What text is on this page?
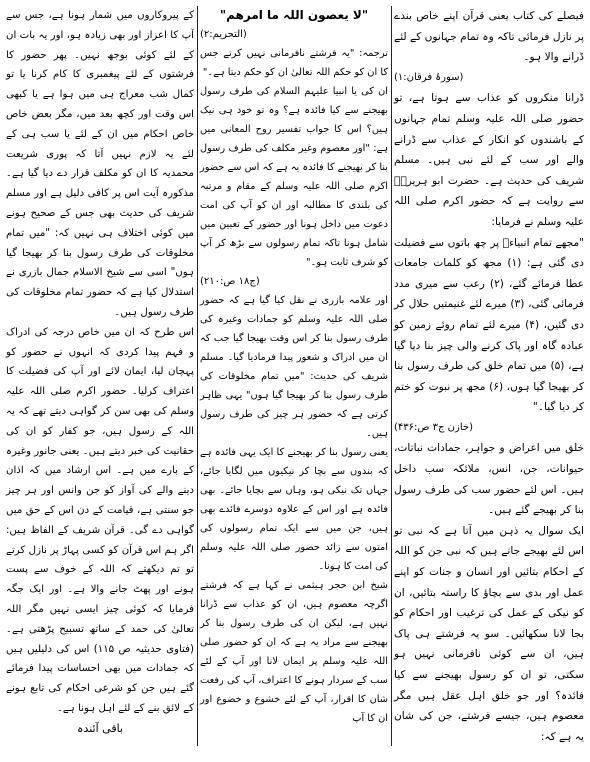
فیصلے کی کتاب یعنی قرآن اپنے خاص بندے پر نازل فرمائی تاکہ وہ تمام جہانوں کے لئے ڈرانے والا ہو۔

(سورۂ فرقان:۱)

ڈرانا منکروں کو عذاب سے ہوتا ہے، تو حضور صلی اللہ علیہ وسلم تمام جہانوں کے باشندوں کو انکار کے عذاب سے ڈرانے والے اور سب کے لئے نبی ہیں۔ مسلم شریف کی حدیث ہے۔ حضرت ابو ہریرہؓ سے روایت ہے کہ حضور اکرم صلی اللہ علیہ وسلم نے فرمایا:

"مجھے تمام انبیاءؑ پر چھ باتوں سے فضیلت دی گئی ہے: (۱) مجھ کو کلمات جامعات عطا فرمائے گئے، (۲) رعب سے میری مدد فرمائی گئی، (۳) میرے لئے غنیمتیں حلال کر دی گئیں، (۴) میرے لئے تمام روئے زمین کو عبادہ گاہ اور پاک کرنے والی چیز بنا دیا گیا ہے، (۵) میں تمام خلق کی طرف رسول بنا کر بھیجا گیا ہوں، (۶) مجھ پر نبوت کو ختم کر دیا گیا۔"

(خازن ج۳ ص:۴۳۶)

خلق میں اعراض و جواہر، جمادات نباتات، حیوانات، جن، انس، ملائکہ سب داخل ہیں۔ اس لئے حضور سب کی طرف رسول بنا کر بھیجے گئے ہیں۔

ایک سوال یہ ذہن میں آتا ہے کہ نبی تو اس لئے بھیجے جاتے ہیں کہ نبی جن کو اللہ کے احکام بتائیں اور انسان و جنات کو اپنے عمل اور بدی سے بچاؤ کا راستہ بتائیں، ان کو نیکی کے عمل کی ترغیب اور احکام کو بجا لانا سکھائیں۔ سو یہ فرشتے ہی پاک ہیں، ان سے کوئی نافرمانی نہیں ہو سکتی، تو ان کو رسول بھیجنے سے کیا فائدہ؟ اور جو خلق اہل عقل ہیں مگر معصوم ہیں، جیسے فرشتے، جن کی شان یہ ہے کہ:

"لا یعصون اللہ ما امرھم"

(التحریم:۲)

ترجمہ: "یہ فرشتے نافرمانی نہیں کرتے جس کا ان کو حکم اللہ تعالیٰ ان کو حکم دیتا ہے۔"

ان کی یا انبیا علیہم السلام کی طرف رسول بھیجنے سے کیا فائدہ ہے؟ وہ تو خود ہی نیک ہیں؟ اس کا جواب تفسیر روح المعانی میں ہے: "اور معصوم وغیر مکلف کی طرف رسول بنا کر بھیجنے کا فائدہ یہ ہے کہ اس سے حضور اکرم صلی اللہ علیہ وسلم کے مقام و مرتبہ کی بلندی کا مطالبہ اور ان کو آپ کی امت دعوت میں داخل ہونا اور حضور کے تعبین میں شامل ہونا تاکہ تمام رسولوں سے بڑھ کر آپ کو شرف ثابت ہو۔"

(ج۱۸ ص:۲۱۰)

اور علامہ بازری نے نقل کیا گیا ہے کہ حضور صلی اللہ علیہ وسلم کو جمادات وغیرہ کی طرف رسول بنا کر اس وقت بھیجا گیا جب کہ ان میں ادراک و شعور پیدا فرمادیا گیا۔ مسلم شریف کی حدیث: "میں تمام مخلوقات کی طرف رسول بنا کر بھیجا گیا ہوں" یہی ظاہر کرتی ہے کہ حضور ہر چیز کی طرف رسول ہیں۔

یعنی رسول بنا کر بھیجنے کا ایک یہی فائدہ ہے کہ بندوں سے بچا کر نیکیوں میں لگایا جائے، جہاں تک نیکی ہو، وہاں سے بچایا جائے۔ بھی فائدہ ہے اور اس کے علاوہ دوسرے فائدے بھی ہیں، جن میں سے ایک تمام رسولوں کی امتوں سے زائد حضور صلی اللہ علیہ وسلم کی امت کا ہونا۔

شیخ ابن حجر ہیثمی نے کہا ہے کہ فرشتے اگرچہ معصوم ہیں، ان کو عذاب سے ڈرانا نہیں ہے، لیکن ان کی طرف رسول بنا کر بھیجنے سے مراد یہ ہے کہ ان کو حضور صلی اللہ علیہ وسلم پر ایمان لانا اور آپ کے لئے سب کے سردار ہونے کا اعتراف، آپ کی رفعت شان کا اقرار، آپ کے لئے خشوع و خضوع اور ان کا آپ

کے پیروکاروں میں شمار ہونا ہے، جس سے آپ کا اعزاز اور بھی زیادہ ہو، اور یہ بات ان کے لئے کوئی بوجھ نہیں۔ پھر حضور کا فرشتوں کے لئے پیغمبری کا کام کرنا یا تو کمال شب معراج ہی میں ہوا ہے یا کبھی اس وقت اور کچھ بعد میں، مگر بعض خاص خاص احکام میں ان کے لئے یا سب ہی کے لئے یہ لازم نہیں آتا کہ پوری شریعت محمدیہ کا ان کو مکلف قرار دے دیا گیا ہے۔ مذکورہ آیت اس پر کافی دلیل ہے اور مسلم شریف کی حدیث بھی جس کے صحیح ہونے میں کوئی اختلاف ہی نہیں کہ: "میں تمام مخلوقات کی طرف رسول بنا کر بھیجا گیا ہوں" اسی سے شیخ الاسلام جمال بازری نے استدلال کیا ہے کہ حضور تمام مخلوقات کی طرف رسول ہیں۔

اس طرح کہ ان میں خاص درجہ کی ادراک و فہم پیدا کردی کہ انہوں نے حضور کو پہچان لیا، ایمان لائے اور آپ کی فضیلت کا اعتراف کرلیا۔ حضور اکرم صلی اللہ علیہ وسلم کی بھی سن کر گواہی دیتے تھے کہ یہ اللہ کے رسول ہیں، جو کفار کو ان کی حقانیت کی خبر دیتے ہیں۔ یعنی جانور وغیرہ کے بارے میں ہے۔ اس ارشاد میں کہ اذان دینے والے کی آواز کو جن وانس اور ہر چیز جو سنتی ہے، قیامت کے دن اس کے حق میں گواہی دے گی۔ قرآن شریف کے الفاظ ہیں: اگر ہم اس قرآن کو کسی پہاڑ پر نازل کرتے تو تم دیکھتے کہ اللہ کے خوف سے پست ہونے اور پھٹ جانے والا ہے۔ اور ایک جگہ فرمایا کہ کوئی چیز ایسی نہیں مگر اللہ تعالیٰ کی حمد کے ساتھ تسبیح پڑھتی ہے۔ (فتاوی حدیثیہ ص ۱۱۵) اس کی دلیلیں ہیں کہ جمادات میں بھی احساسات پیدا فرمائے گئے ہیں جن کو شرعی احکام کی تابع ہونے کے لائق بنے کے لئے اہل ہونا ہے۔

باقی آئندہ
